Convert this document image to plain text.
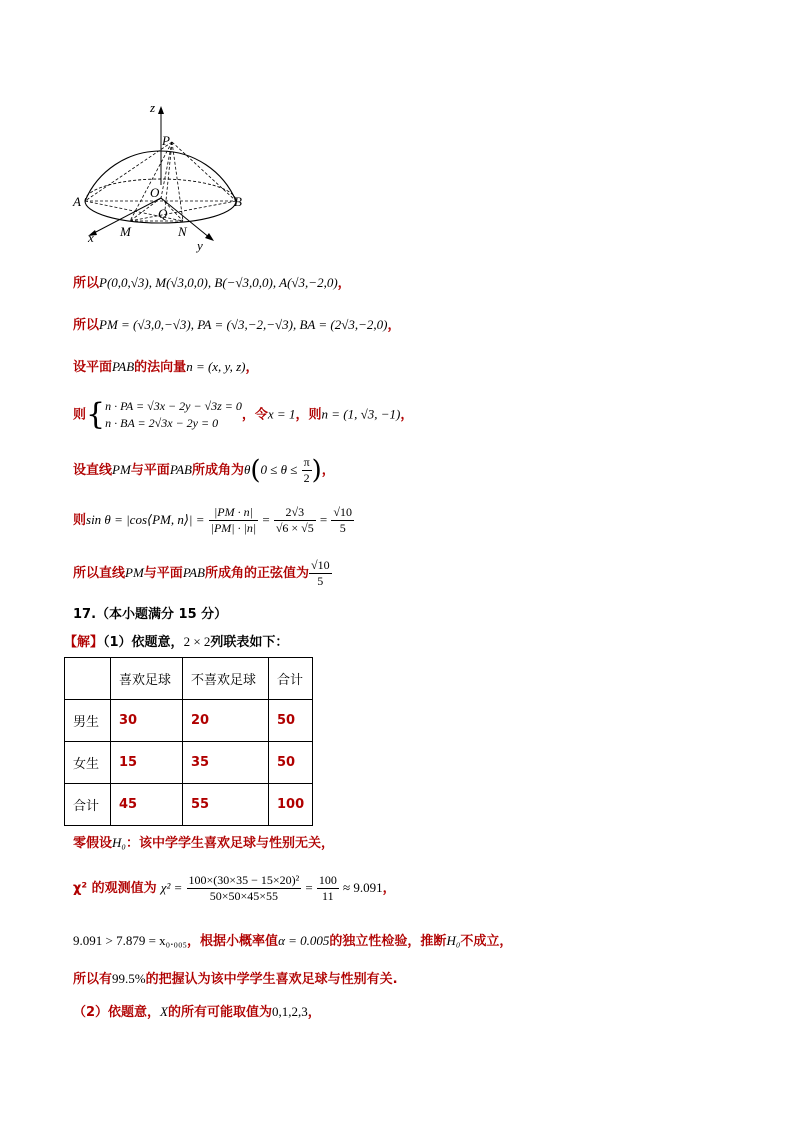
z
P
O
Q
A	B
x M	N
y
所以P(0,0,√3), M(√3,0,0), B(−√3,0,0), A(√3,−2,0)，
所以PM = (√3,0,−√3), PA = (√3,−2,−√3), BA = (2√3,−2,0)，
设平面PAB的法向量n = (x, y, z)，
则{n · PA = √3x − 2y − √3z = 0
n · BA = 2√3x − 2y = 0，令x = 1，则n = (1, √3, −1)，
设直线PM与平面PAB所成角为$\theta(0 \le \theta \le \frac{\pi}{2}$ )，
则sin θ = |cos⟨PM, n⟩| = $\frac{|PM \cdot n|}{|PM| \cdot |n|} = \frac{2√3}{√6 \times √5} = \frac{√10}{5}$
所以直线PM与平面PAB所成角的正弦值为 $\frac{√10}{5}$
17.（本小题满分 15 分）
【解】（1）依题意，2 × 2列联表如下：
	喜欢足球	不喜欢足球	合计
男生	30	20	50
女生	15	35	50
合计	45	55	100
零假设H₀：该中学学生喜欢足球与性别无关，
χ² 的观测值为 $\chi^2 = \frac{\text{100×(30×35 − 15×20)²}}{50\times 50\times 45\times 55} = \frac{100}{11} \approx 9.091$，
9.091 > 7.879 = x₀.₀₀₅，根据小概率值α = 0.005的独立性检验，推断H₀不成立，
所以有99.5%的把握认为该中学学生喜欢足球与性别有关.
（2）依题意，X的所有可能取值为0,1,2,3，
